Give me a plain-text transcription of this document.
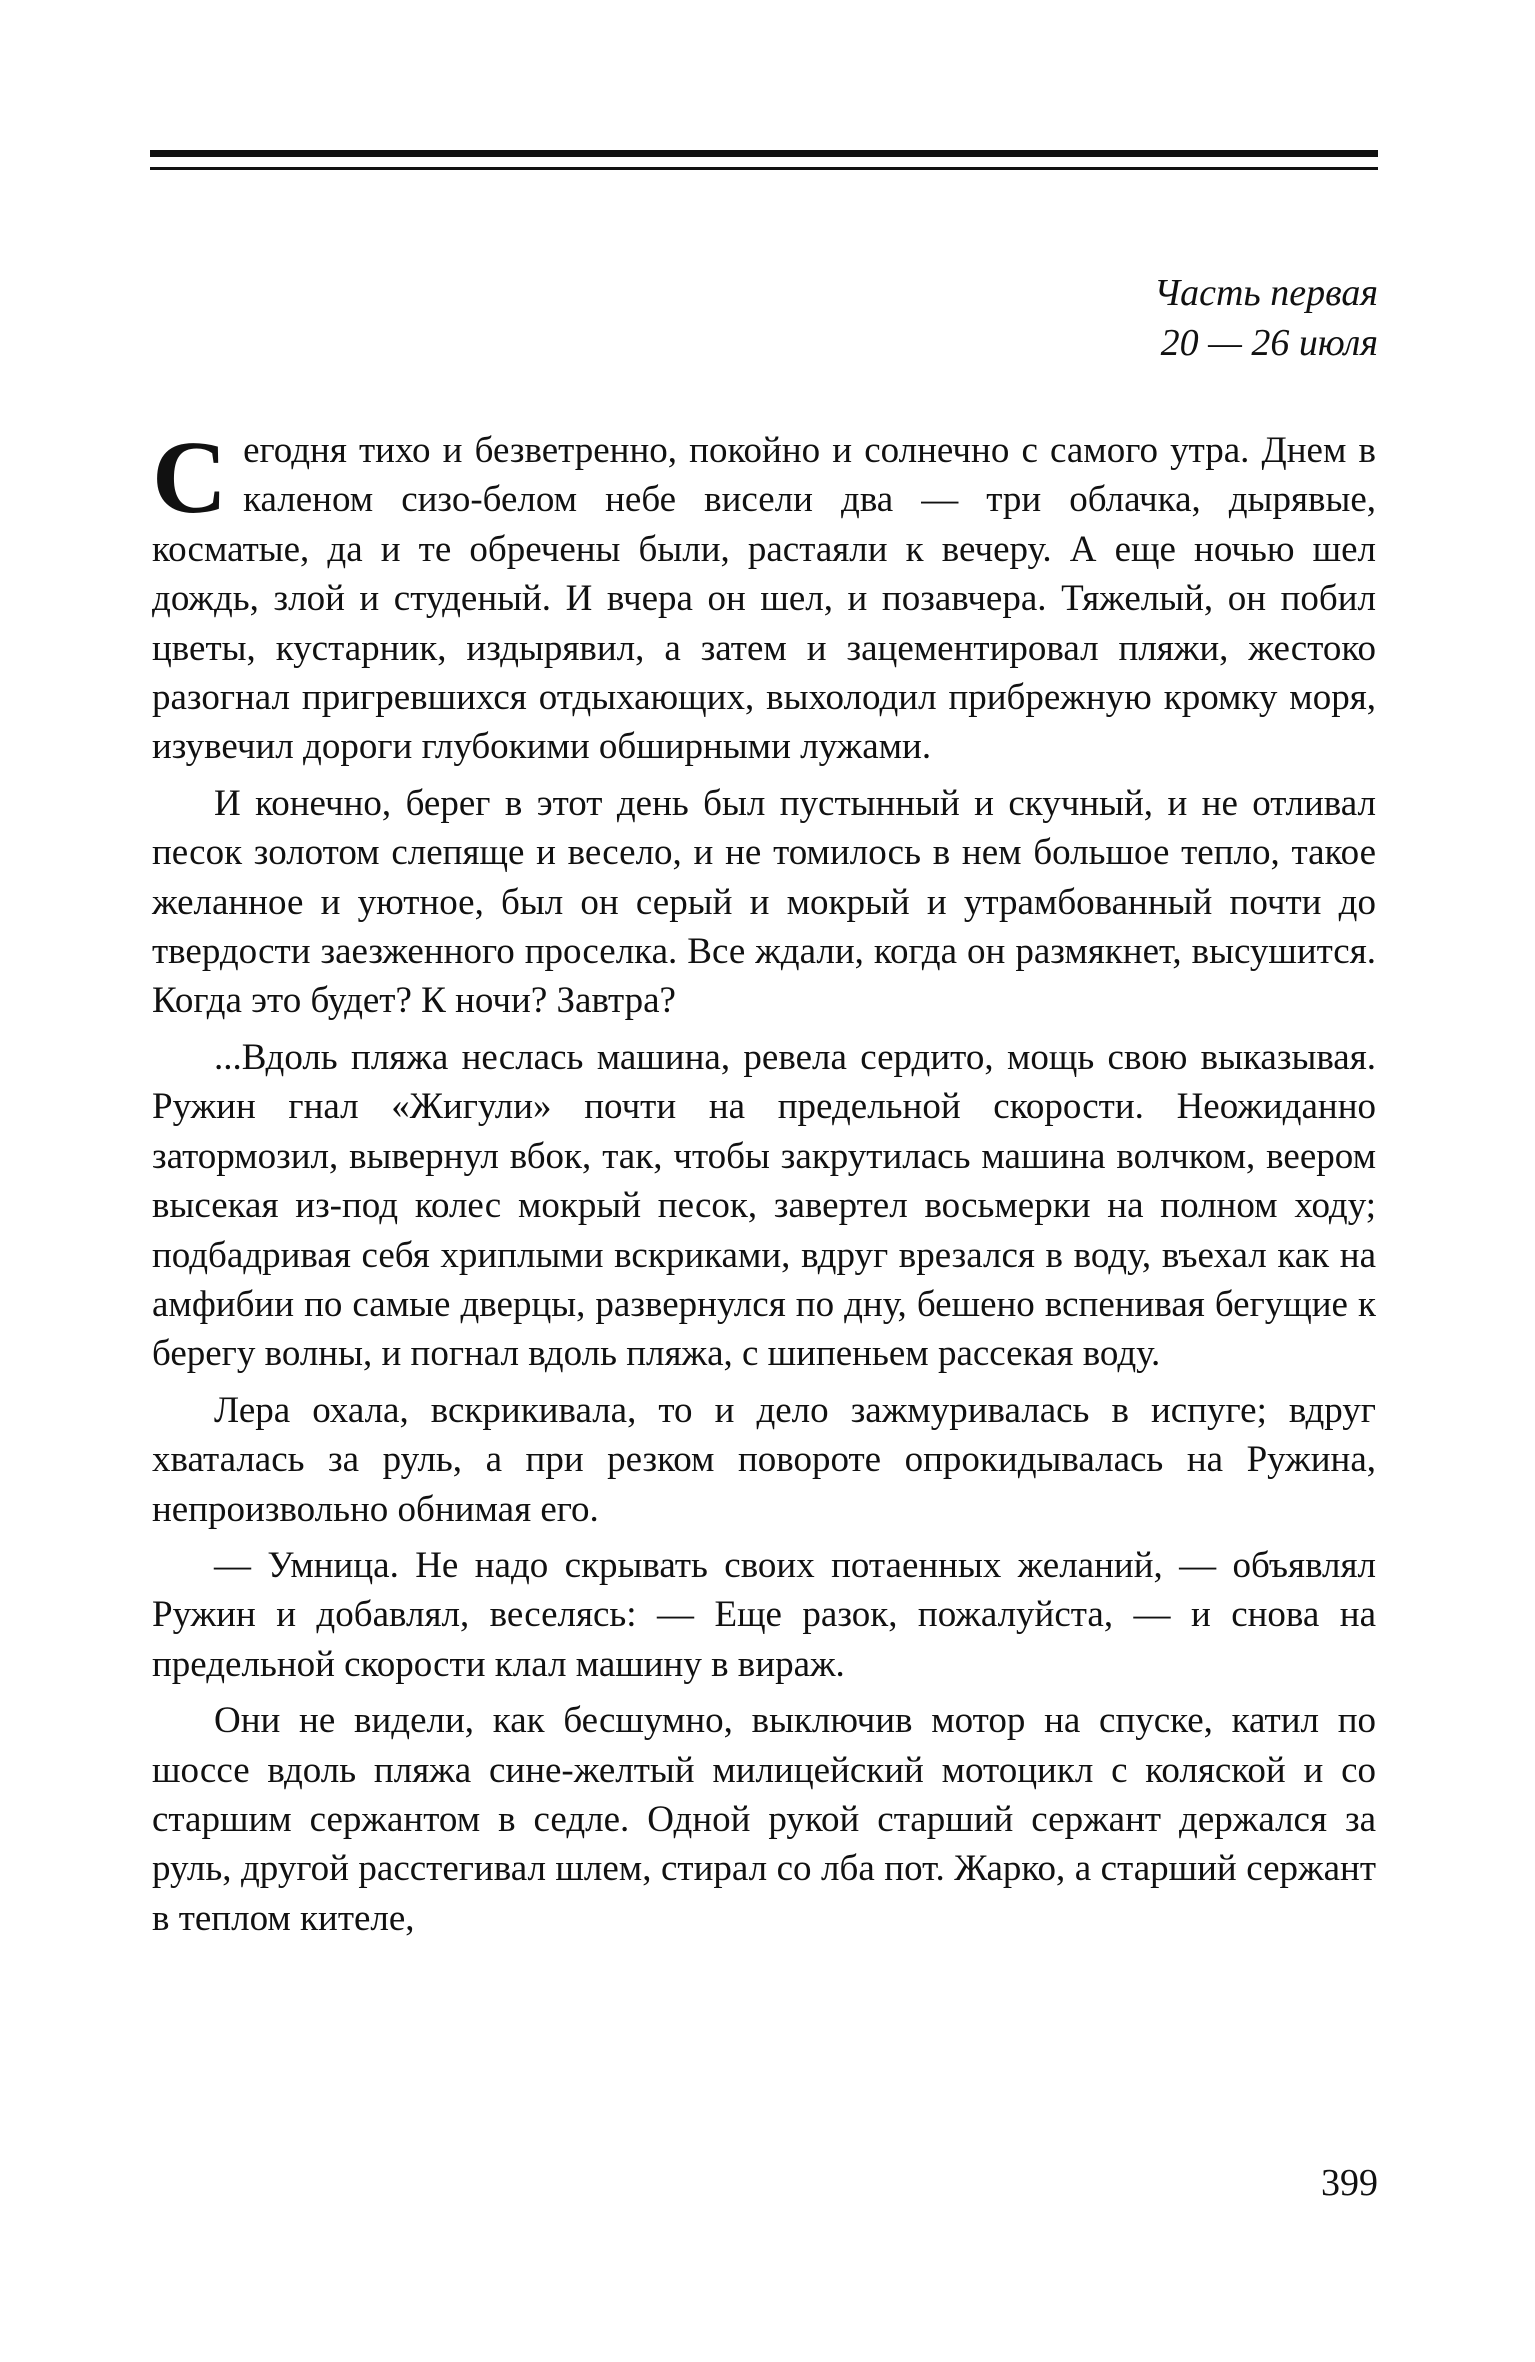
Часть первая
20 — 26 июля

Сегодня тихо и безветренно, покойно и солнечно с самого утра. Днем в каленом сизо-белом небе висели два — три облачка, дырявые, косматые, да и те обречены были, растаяли к вечеру. А еще ночью шел дождь, злой и студеный. И вчера он шел, и позавчера. Тяжелый, он побил цветы, кустарник, издырявил, а затем и зацементировал пляжи, жестоко разогнал пригревшихся отдыхающих, выхолодил прибрежную кромку моря, изувечил дороги глубокими обширными лужами.

И конечно, берег в этот день был пустынный и скучный, и не отливал песок золотом слепяще и весело, и не томилось в нем большое тепло, такое желанное и уютное, был он серый и мокрый и утрамбованный почти до твердости заезженного проселка. Все ждали, когда он размякнет, высушится. Когда это будет? К ночи? Завтра?

...Вдоль пляжа неслась машина, ревела сердито, мощь свою выказывая. Ружин гнал «Жигули» почти на предельной скорости. Неожиданно затормозил, вывернул вбок, так, чтобы закрутилась машина волчком, веером высекая из-под колес мокрый песок, завертел восьмерки на полном ходу; подбадривая себя хриплыми вскриками, вдруг врезался в воду, въехал как на амфибии по самые дверцы, развернулся по дну, бешено вспенивая бегущие к берегу волны, и погнал вдоль пляжа, с шипеньем рассекая воду.

Лера охала, вскрикивала, то и дело зажмуривалась в испуге; вдруг хваталась за руль, а при резком повороте опрокидывалась на Ружина, непроизвольно обнимая его.

— Умница. Не надо скрывать своих потаенных желаний, — объявлял Ружин и добавлял, веселясь: — Еще разок, пожалуйста, — и снова на предельной скорости клал машину в вираж.

Они не видели, как бесшумно, выключив мотор на спуске, катил по шоссе вдоль пляжа сине-желтый милицейский мотоцикл с коляской и со старшим сержантом в седле. Одной рукой старший сержант держался за руль, другой расстегивал шлем, стирал со лба пот. Жарко, а старший сержант в теплом кителе,

399
